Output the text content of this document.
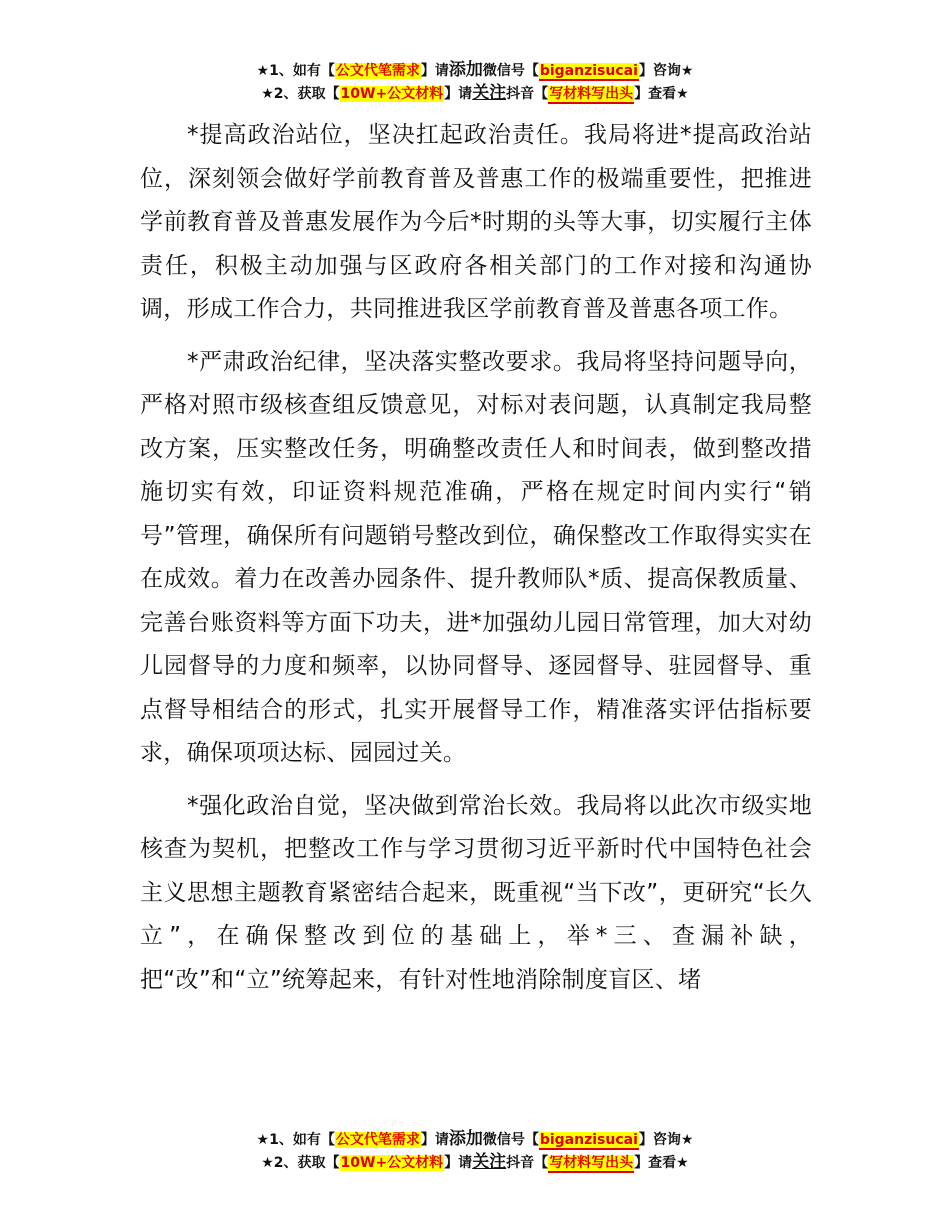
★1、如有【公文代笔需求】请添加微信号【biganzisucai】咨询★
★2、获取【10W+公文材料】请关注抖音【写材料写出头】查看★

*提高政治站位，坚决扛起政治责任。我局将进*提高政治站位，深刻领会做好学前教育普及普惠工作的极端重要性，把推进学前教育普及普惠发展作为今后*时期的头等大事，切实履行主体责任，积极主动加强与区政府各相关部门的工作对接和沟通协调，形成工作合力，共同推进我区学前教育普及普惠各项工作。

*严肃政治纪律，坚决落实整改要求。我局将坚持问题导向，严格对照市级核查组反馈意见，对标对表问题，认真制定我局整改方案，压实整改任务，明确整改责任人和时间表，做到整改措施切实有效，印证资料规范准确，严格在规定时间内实行“销号”管理，确保所有问题销号整改到位，确保整改工作取得实实在在成效。着力在改善办园条件、提升教师队*质、提高保教质量、完善台账资料等方面下功夫，进*加强幼儿园日常管理，加大对幼儿园督导的力度和频率，以协同督导、逐园督导、驻园督导、重点督导相结合的形式，扎实开展督导工作，精准落实评估指标要求，确保项项达标、园园过关。

*强化政治自觉，坚决做到常治长效。我局将以此次市级实地核查为契机，把整改工作与学习贯彻习近平新时代中国特色社会主义思想主题教育紧密结合起来，既重视“当下改”，更研究“长久立”，在确保整改到位的基础上，举*三、查漏补缺，把“改”和“立”统筹起来，有针对性地消除制度盲区、堵

★1、如有【公文代笔需求】请添加微信号【biganzisucai】咨询★
★2、获取【10W+公文材料】请关注抖音【写材料写出头】查看★
